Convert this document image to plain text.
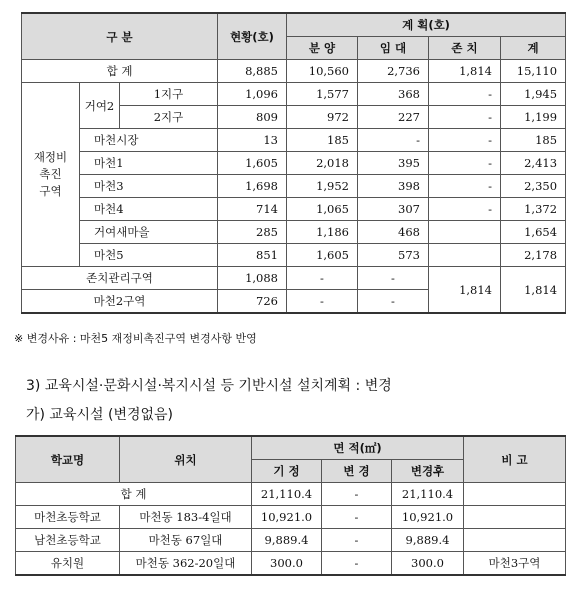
구 분			현황(호)	계 획(호)			
				분 양	임 대	존 치	계
합 계			8,885	10,560	2,736	1,814	15,110
재정비
촉진
구역	거여2	1지구	1,096	1,577	368	-	1,945
		2지구	809	972	227	-	1,199
	마천시장		13	185	-	-	185
	마천1		1,605	2,018	395	-	2,413
	마천3		1,698	1,952	398	-	2,350
	마천4		714	1,065	307	-	1,372
	거여새마을		285	1,186	468		1,654
	마천5		851	1,605	573		2,178
존치관리구역			1,088	-	-	1,814	1,814
마천2구역			726	-	-		
※ 변경사유 : 마천5 재정비촉진구역 변경사항 반영
3) 교육시설·문화시설·복지시설 등 기반시설 설치계획 : 변경
가) 교육시설 (변경없음)
학교명	위치	면 적(㎡)			비 고
		기 정	변 경	변경후	
합 계		21,110.4	-	21,110.4	
마천초등학교	마천동 183-4일대	10,921.0	-	10,921.0	
남천초등학교	마천동 67일대	9,889.4	-	9,889.4	
유치원	마천동 362-20일대	300.0	-	300.0	마천3구역
